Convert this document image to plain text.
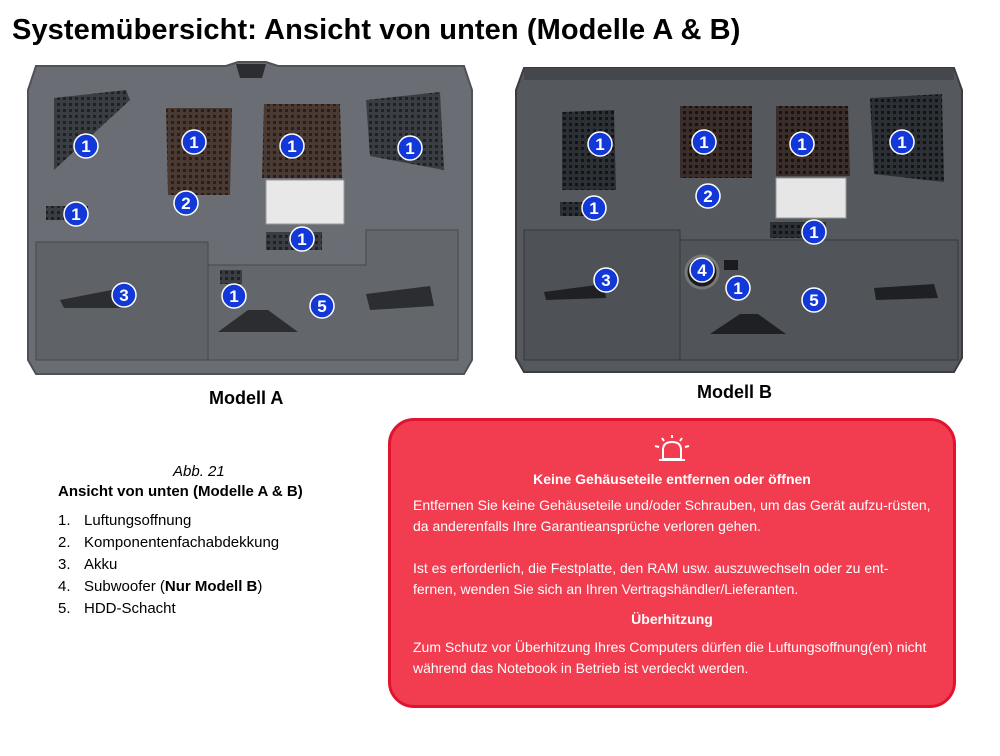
Systemübersicht: Ansicht von unten (Modelle A & B)
1	1	1	1
2
1
1
3	1
5
Modell A
1	1	1	1
2
1
1
3
4
1
5
Modell B
Abb. 21
Ansicht von unten (Modelle A & B)
1. Luftungsoffnung
2. Komponentenfachabdekkung
3. Akku
4. Subwoofer (Nur Modell B)
5. HDD-Schacht
Keine Gehäuseteile entfernen oder öffnen
Entfernen Sie keine Gehäuseteile und/oder Schrauben, um das Gerät aufzu-rüsten, da anderenfalls Ihre Garantieansprüche verloren gehen.
Ist es erforderlich, die Festplatte, den RAM usw. auszuwechseln oder zu ent-fernen, wenden Sie sich an Ihren Vertragshändler/Lieferanten.
Überhitzung
Zum Schutz vor Überhitzung Ihres Computers dürfen die Luftungsoffnung(en) nicht während das Notebook in Betrieb ist verdeckt werden.
